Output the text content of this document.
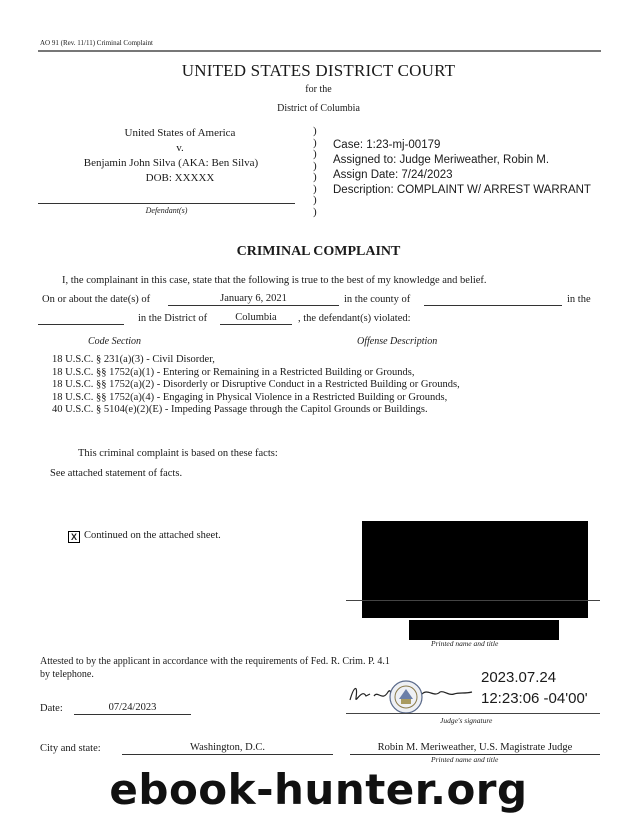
AO 91 (Rev. 11/11) Criminal Complaint
UNITED STATES DISTRICT COURT
for the
District of Columbia
United States of America
v.
Benjamin John Silva (AKA: Ben Silva)
DOB: XXXXX
Defendant(s)
)
)
)
)
)
)
)
)
Case: 1:23-mj-00179
Assigned to: Judge Meriweather, Robin M.
Assign Date: 7/24/2023
Description: COMPLAINT W/ ARREST WARRANT
CRIMINAL COMPLAINT
I, the complainant in this case, state that the following is true to the best of my knowledge and belief.
On or about the date(s) of	January 6, 2021	in the county of	in the
in the District of	Columbia	, the defendant(s) violated:
Code Section	Offense Description
18 U.S.C. § 231(a)(3) - Civil Disorder,
18 U.S.C. §§ 1752(a)(1) - Entering or Remaining in a Restricted Building or Grounds,
18 U.S.C. §§ 1752(a)(2) - Disorderly or Disruptive Conduct in a Restricted Building or Grounds,
18 U.S.C. §§ 1752(a)(4) - Engaging in Physical Violence in a Restricted Building or Grounds,
40 U.S.C. § 5104(e)(2)(E) - Impeding Passage through the Capitol Grounds or Buildings.
This criminal complaint is based on these facts:
See attached statement of facts.
X Continued on the attached sheet.
Printed name and title
Attested to by the applicant in accordance with the requirements of Fed. R. Crim. P. 4.1
by telephone.	2023.07.24
12:23:06 -04'00'
Judge's signature
Date:	07/24/2023
City and state:	Washington, D.C.	Robin M. Meriweather, U.S. Magistrate Judge
Printed name and title
ebook-hunter.org
